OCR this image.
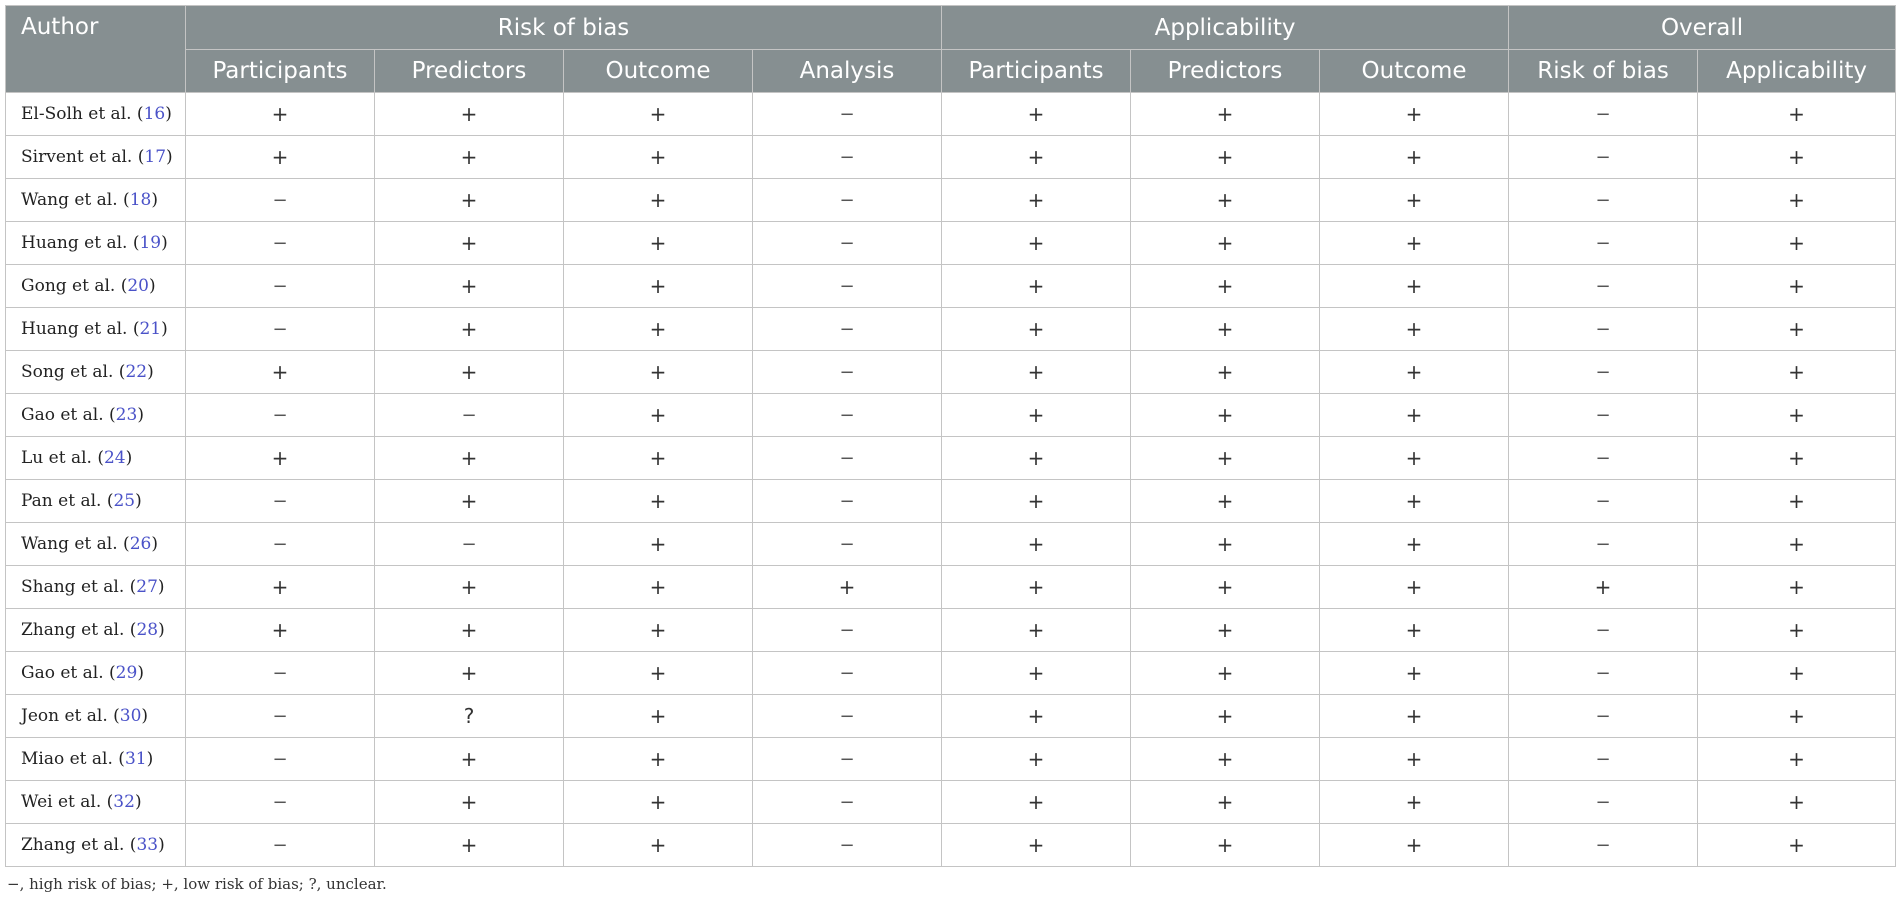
Author	Risk of bias				Applicability			Overall	
	Participants	Predictors	Outcome	Analysis	Participants	Predictors	Outcome	Risk of bias	Applicability
El-Solh et al. (16)	+	+	+	−	+	+	+	−	+
Sirvent et al. (17)	+	+	+	−	+	+	+	−	+
Wang et al. (18)	−	+	+	−	+	+	+	−	+
Huang et al. (19)	−	+	+	−	+	+	+	−	+
Gong et al. (20)	−	+	+	−	+	+	+	−	+
Huang et al. (21)	−	+	+	−	+	+	+	−	+
Song et al. (22)	+	+	+	−	+	+	+	−	+
Gao et al. (23)	−	−	+	−	+	+	+	−	+
Lu et al. (24)	+	+	+	−	+	+	+	−	+
Pan et al. (25)	−	+	+	−	+	+	+	−	+
Wang et al. (26)	−	−	+	−	+	+	+	−	+
Shang et al. (27)	+	+	+	+	+	+	+	+	+
Zhang et al. (28)	+	+	+	−	+	+	+	−	+
Gao et al. (29)	−	+	+	−	+	+	+	−	+
Jeon et al. (30)	−	?	+	−	+	+	+	−	+
Miao et al. (31)	−	+	+	−	+	+	+	−	+
Wei et al. (32)	−	+	+	−	+	+	+	−	+
Zhang et al. (33)	−	+	+	−	+	+	+	−	+
−, high risk of bias; +, low risk of bias; ?, unclear.
